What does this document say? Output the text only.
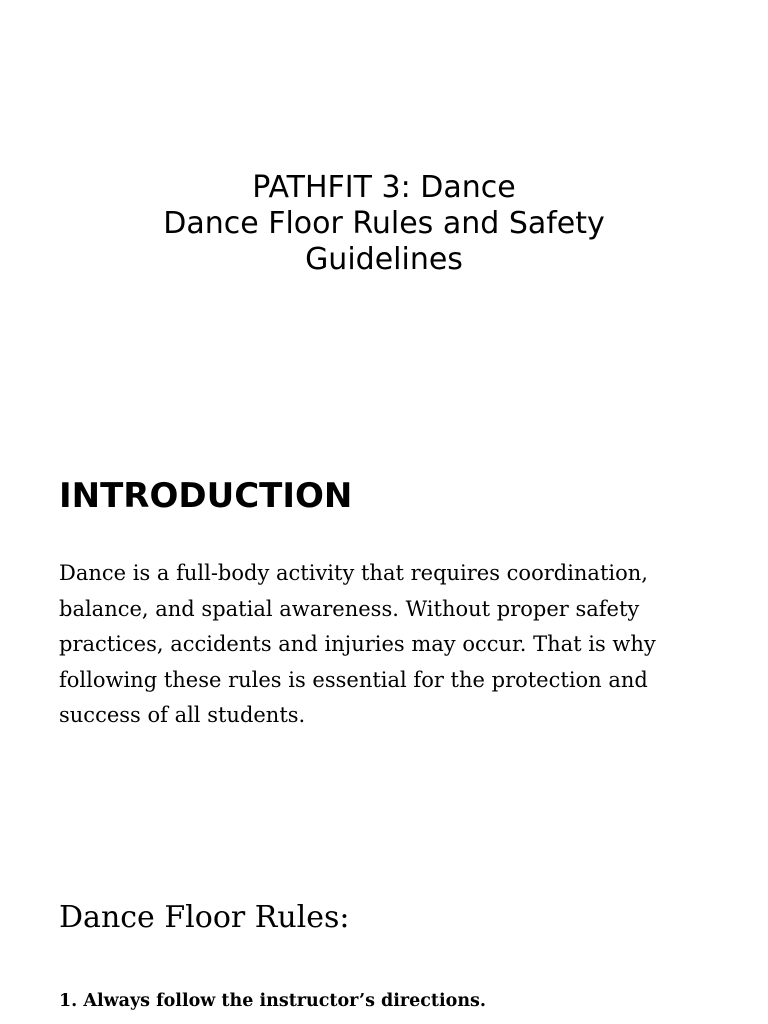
PATHFIT 3: Dance
Dance Floor Rules and Safety
Guidelines
INTRODUCTION

Dance is a full-body activity that requires coordination, balance, and spatial awareness. Without proper safety practices, accidents and injuries may occur. That is why following these rules is essential for the protection and success of all students.

Dance Floor Rules:

1. Always follow the instructor’s directions.
